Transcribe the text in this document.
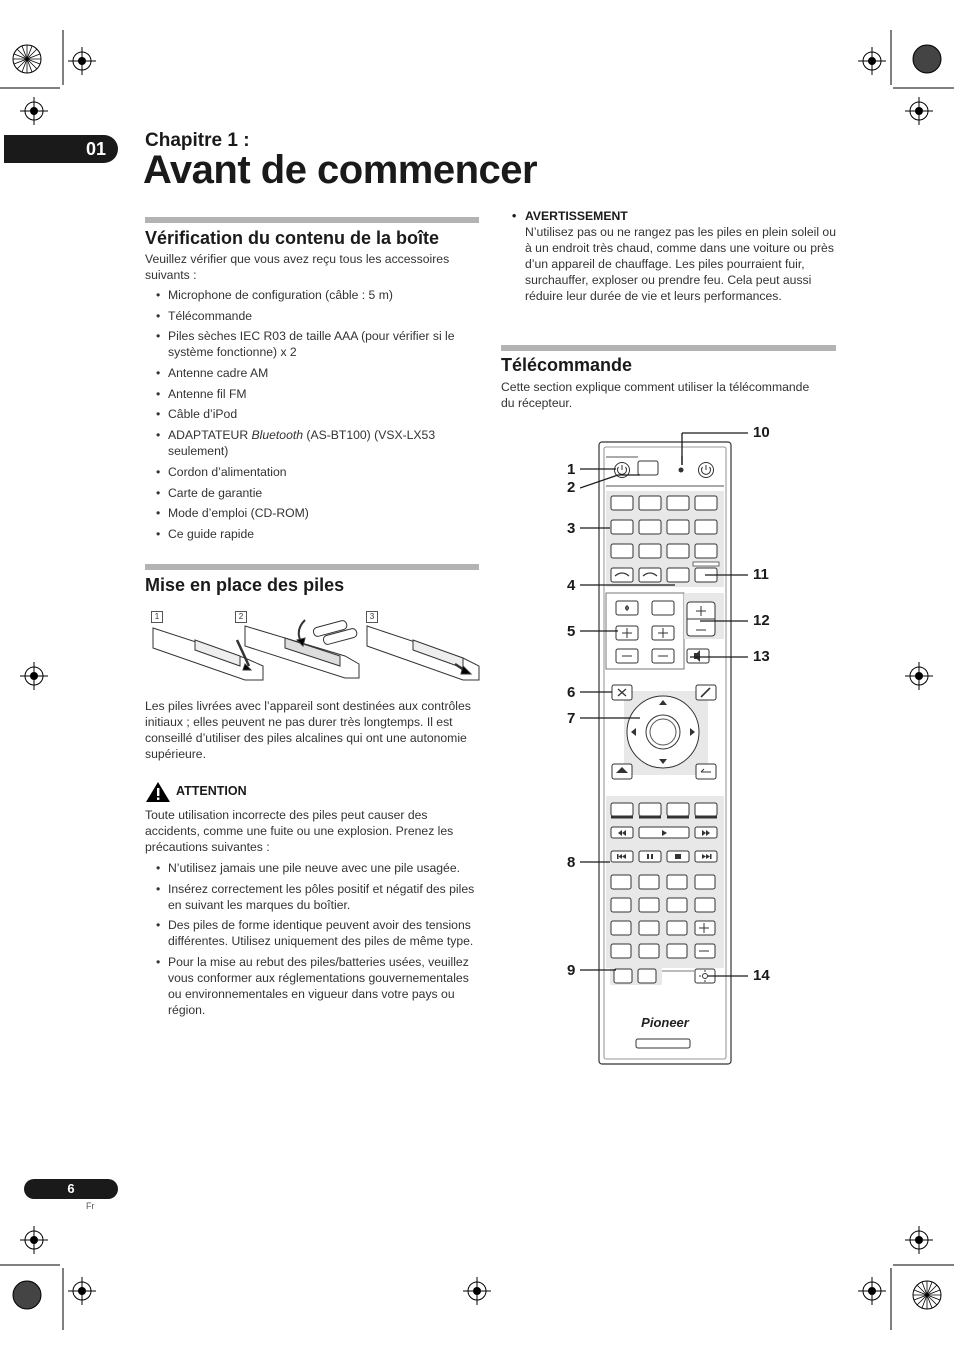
01	Chapitre 1 :
Avant de commencer
Vérification du contenu de la boîte

Veuillez vérifier que vous avez reçu tous les accessoires suivants :

• Microphone de configuration (câble : 5 m)
• Télécommande
• Piles sèches IEC R03 de taille AAA (pour vérifier si le système fonctionne) x 2
• Antenne cadre AM
• Antenne fil FM
• Câble d’iPod
• ADAPTATEUR Bluetooth (AS-BT100) (VSX-LX53 seulement)
• Cordon d’alimentation
• Carte de garantie
• Mode d’emploi (CD-ROM)
• Ce guide rapide
Mise en place des piles
1	2	3

Les piles livrées avec l’appareil sont destinées aux contrôles initiaux ; elles peuvent ne pas durer très longtemps. Il est conseillé d’utiliser des piles alcalines qui ont une autonomie supérieure.

ATTENTION

Toute utilisation incorrecte des piles peut causer des accidents, comme une fuite ou une explosion. Prenez les précautions suivantes :

• N’utilisez jamais une pile neuve avec une pile usagée.
• Insérez correctement les pôles positif et négatif des piles en suivant les marques du boîtier.
• Des piles de forme identique peuvent avoir des tensions différentes. Utilisez uniquement des piles de même type.
• Pour la mise au rebut des piles/batteries usées, veuillez vous conformer aux réglementations gouvernementales ou environnementales en vigueur dans votre pays ou région.
• AVERTISSEMENT

N’utilisez pas ou ne rangez pas les piles en plein soleil ou à un endroit très chaud, comme dans une voiture ou près d’un appareil de chauffage. Les piles pourraient fuir, surchauffer, exploser ou prendre feu. Cela peut aussi réduire leur durée de vie et leurs performances.

Télécommande

Cette section explique comment utiliser la télécommande du récepteur.

Pioneer
1
2
3
4
5
6
7
8
9
10
11
12
13
14
6
Fr
